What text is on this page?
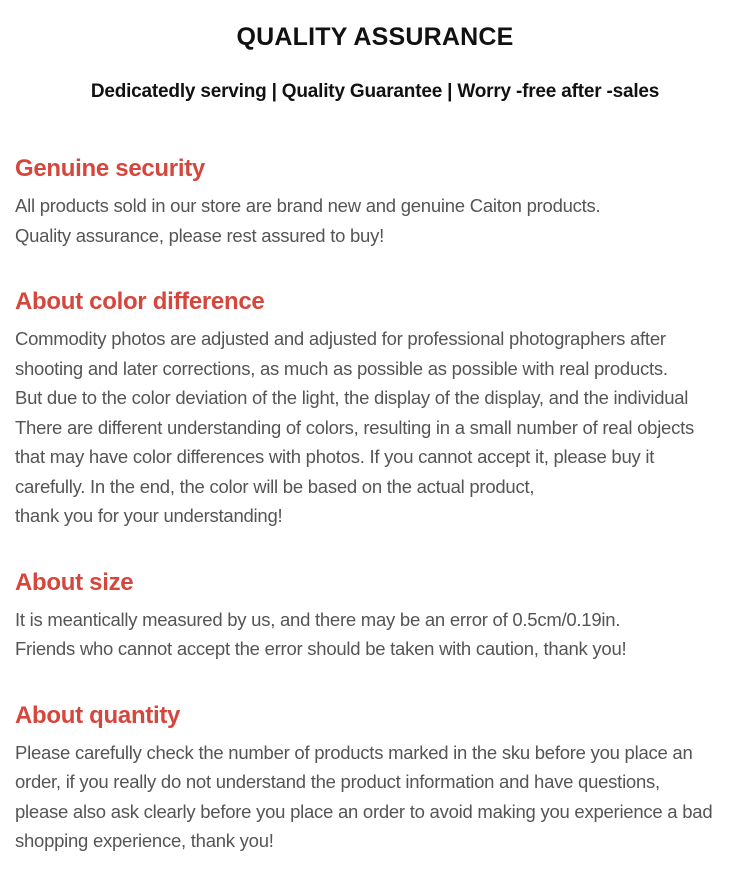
QUALITY ASSURANCE
Dedicatedly serving | Quality Guarantee | Worry -free after -sales
Genuine security
All products sold in our store are brand new and genuine Caiton products.
Quality assurance, please rest assured to buy!
About color difference
Commodity photos are adjusted and adjusted for professional photographers after
shooting and later corrections, as much as possible as possible with real products.
But due to the color deviation of the light, the display of the display, and the individual
There are different understanding of colors, resulting in a small number of real objects
that may have color differences with photos. If you cannot accept it, please buy it
carefully. In the end, the color will be based on the actual product,
thank you for your understanding!
About size
It is meantically measured by us, and there may be an error of 0.5cm/0.19in.
Friends who cannot accept the error should be taken with caution, thank you!
About quantity
Please carefully check the number of products marked in the sku before you place an
order, if you really do not understand the product information and have questions,
please also ask clearly before you place an order to avoid making you experience a bad
shopping experience, thank you!
